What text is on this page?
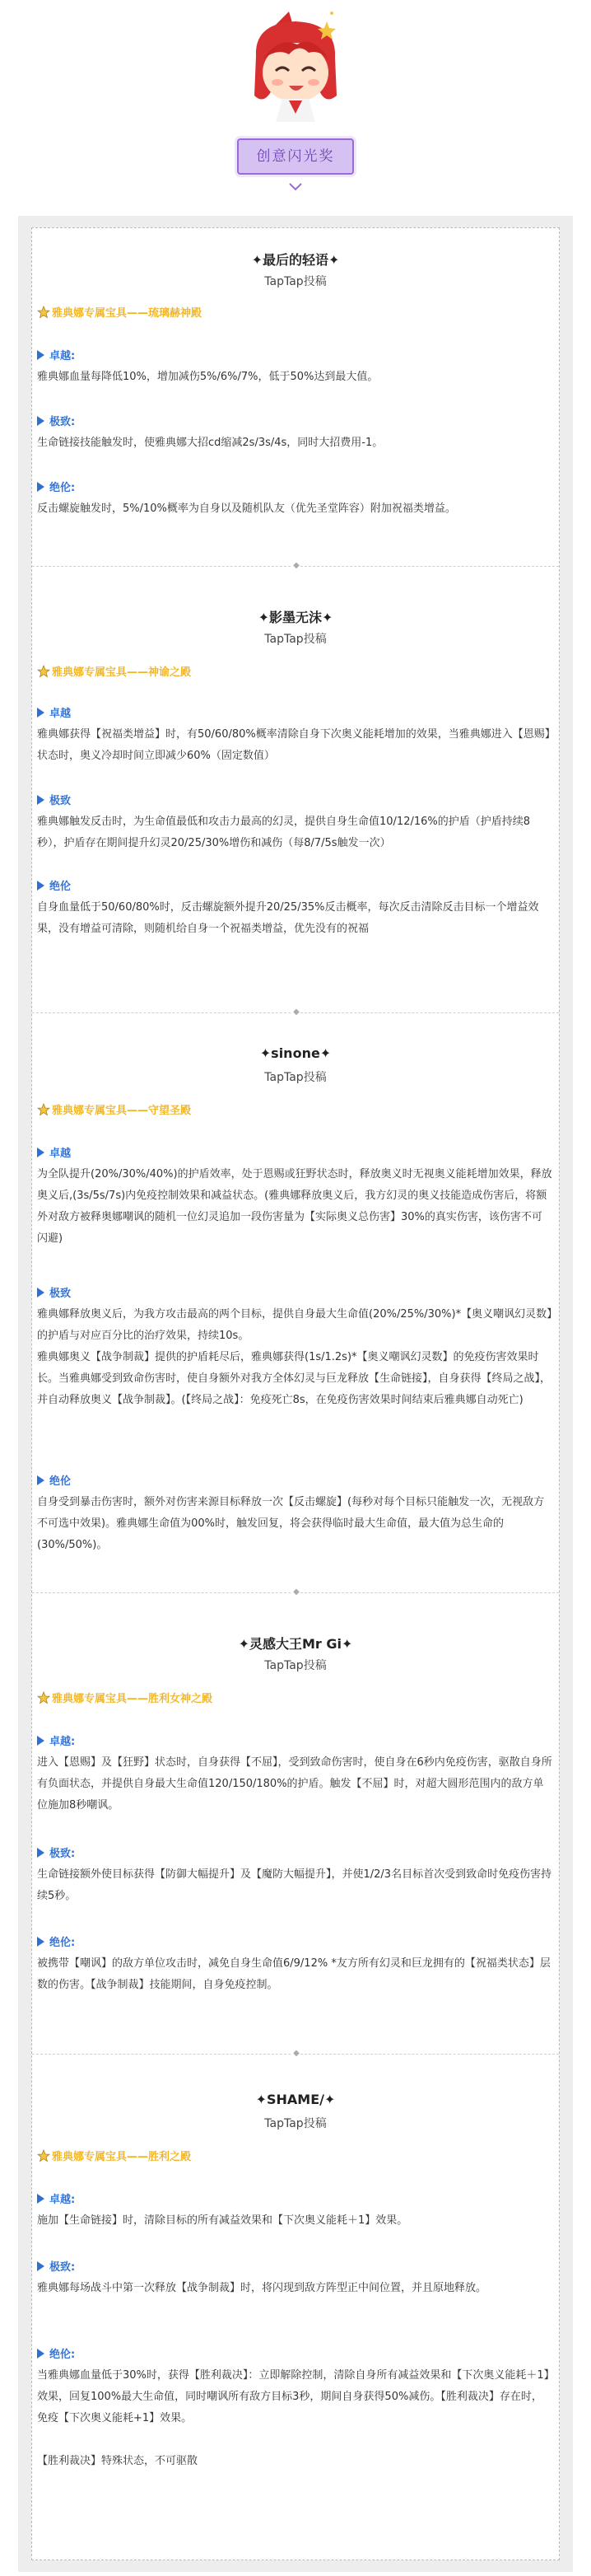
创意闪光奖
✦最后的轻语✦
TapTap投稿
雅典娜专属宝具——琉璃赫神殿
卓越:
雅典娜血量每降低10%，增加减伤5%/6%/7%，低于50%达到最大值。
极致:
生命链接技能触发时，使雅典娜大招cd缩减2s/3s/4s，同时大招费用-1。
绝伦:
反击螺旋触发时，5%/10%概率为自身以及随机队友（优先圣堂阵容）附加祝福类增益。
◆
✦影墨无沫✦
TapTap投稿
雅典娜专属宝具——神谕之殿
卓越
雅典娜获得【祝福类增益】时，有50/60/80%概率清除自身下次奥义能耗增加的效果，当雅典娜进入【恩赐】状态时，奥义冷却时间立即减少60%（固定数值）
极致
雅典娜触发反击时，为生命值最低和攻击力最高的幻灵，提供自身生命值10/12/16%的护盾（护盾持续8秒），护盾存在期间提升幻灵20/25/30%增伤和减伤（每8/7/5s触发一次）
绝伦
自身血量低于50/60/80%时，反击螺旋额外提升20/25/35%反击概率，每次反击清除反击目标一个增益效果，没有增益可清除，则随机给自身一个祝福类增益，优先没有的祝福
◆
✦sinone✦
TapTap投稿
雅典娜专属宝具——守望圣殿
卓越
为全队提升(20%/30%/40%)的护盾效率，处于恩赐或狂野状态时，释放奥义时无视奥义能耗增加效果，释放奥义后,(3s/5s/7s)内免疫控制效果和减益状态。(雅典娜释放奥义后，我方幻灵的奥义技能造成伤害后，将额外对敌方被释奥娜嘲讽的随机一位幻灵追加一段伤害量为【实际奥义总伤害】30%的真实伤害，该伤害不可闪避)
极致
雅典娜释放奥义后，为我方攻击最高的两个目标，提供自身最大生命值(20%/25%/30%)*【奥义嘲讽幻灵数】的护盾与对应百分比的治疗效果，持续10s。
雅典娜奥义【战争制裁】提供的护盾耗尽后，雅典娜获得(1s/1.2s)*【奥义嘲讽幻灵数】的免疫伤害效果时长。当雅典娜受到致命伤害时，使自身额外对我方全体幻灵与巨龙释放【生命链接】，自身获得【终局之战】，并自动释放奥义【战争制裁】。(【终局之战】：免疫死亡8s，在免疫伤害效果时间结束后雅典娜自动死亡)
绝伦
自身受到暴击伤害时，额外对伤害来源目标释放一次【反击螺旋】(每秒对每个目标只能触发一次，无视敌方不可选中效果)。雅典娜生命值为00%时，触发回复，将会获得临时最大生命值，最大值为总生命的(30%/50%)。
◆
✦灵感大王Mr Gi✦
TapTap投稿
雅典娜专属宝具——胜利女神之殿
卓越:
进入【恩赐】及【狂野】状态时，自身获得【不屈】，受到致命伤害时，使自身在6秒内免疫伤害，驱散自身所有负面状态，并提供自身最大生命值120/150/180%的护盾。触发【不屈】时，对超大圆形范围内的敌方单位施加8秒嘲讽。
极致:
生命链接额外使目标获得【防御大幅提升】及【魔防大幅提升】，并使1/2/3名目标首次受到致命时免疫伤害持续5秒。
绝伦:
被携带【嘲讽】的敌方单位攻击时，减免自身生命值6/9/12% *友方所有幻灵和巨龙拥有的【祝福类状态】层数的伤害。【战争制裁】技能期间，自身免疫控制。
◆
✦SHAME/✦
TapTap投稿
雅典娜专属宝具——胜利之殿
卓越:
施加【生命链接】时，清除目标的所有减益效果和【下次奥义能耗＋1】效果。
极致:
雅典娜每场战斗中第一次释放【战争制裁】时，将闪现到敌方阵型正中间位置，并且原地释放。
绝伦:
当雅典娜血量低于30%时，获得【胜利裁决】：立即解除控制，清除自身所有减益效果和【下次奥义能耗＋1】效果，回复100%最大生命值，同时嘲讽所有敌方目标3秒，期间自身获得50%减伤。【胜利裁决】存在时，免疫【下次奥义能耗+1】效果。

【胜利裁决】特殊状态，不可驱散
